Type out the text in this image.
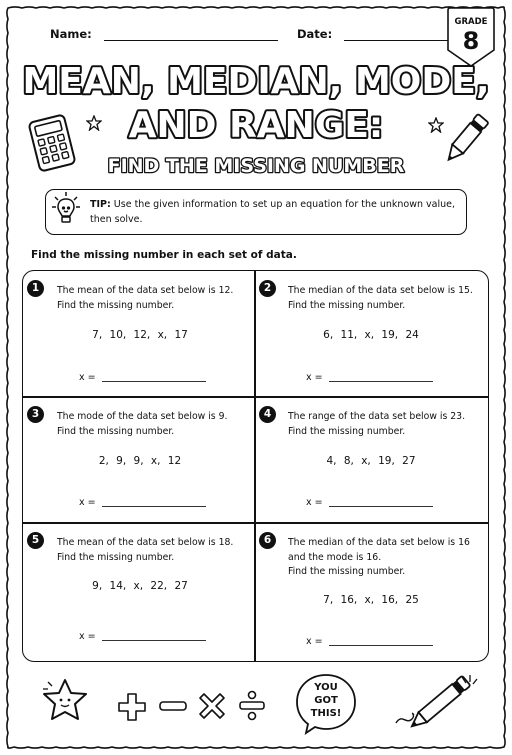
Name:	Date:
GRADE
8
MEAN, MEDIAN, MODE,
AND RANGE:
FIND THE MISSING NUMBER
TIP: Use the given information to set up an equation for the unknown value, then solve.
Find the missing number in each set of data.
1	The mean of the data set below is 12.
Find the missing number.
7, 10, 12, x, 17
x =
2	The median of the data set below is 15.
Find the missing number.
6, 11, x, 19, 24
x =
3	The mode of the data set below is 9.
Find the missing number.
2, 9, 9, x, 12
x =
4	The range of the data set below is 23.
Find the missing number.
4, 8, x, 19, 27
x =
5	The mean of the data set below is 18.
Find the missing number.
9, 14, x, 22, 27
x =
6	The median of the data set below is 16
and the mode is 16.
Find the missing number.
7, 16, x, 16, 25
x =
YOU
GOT
THIS!
